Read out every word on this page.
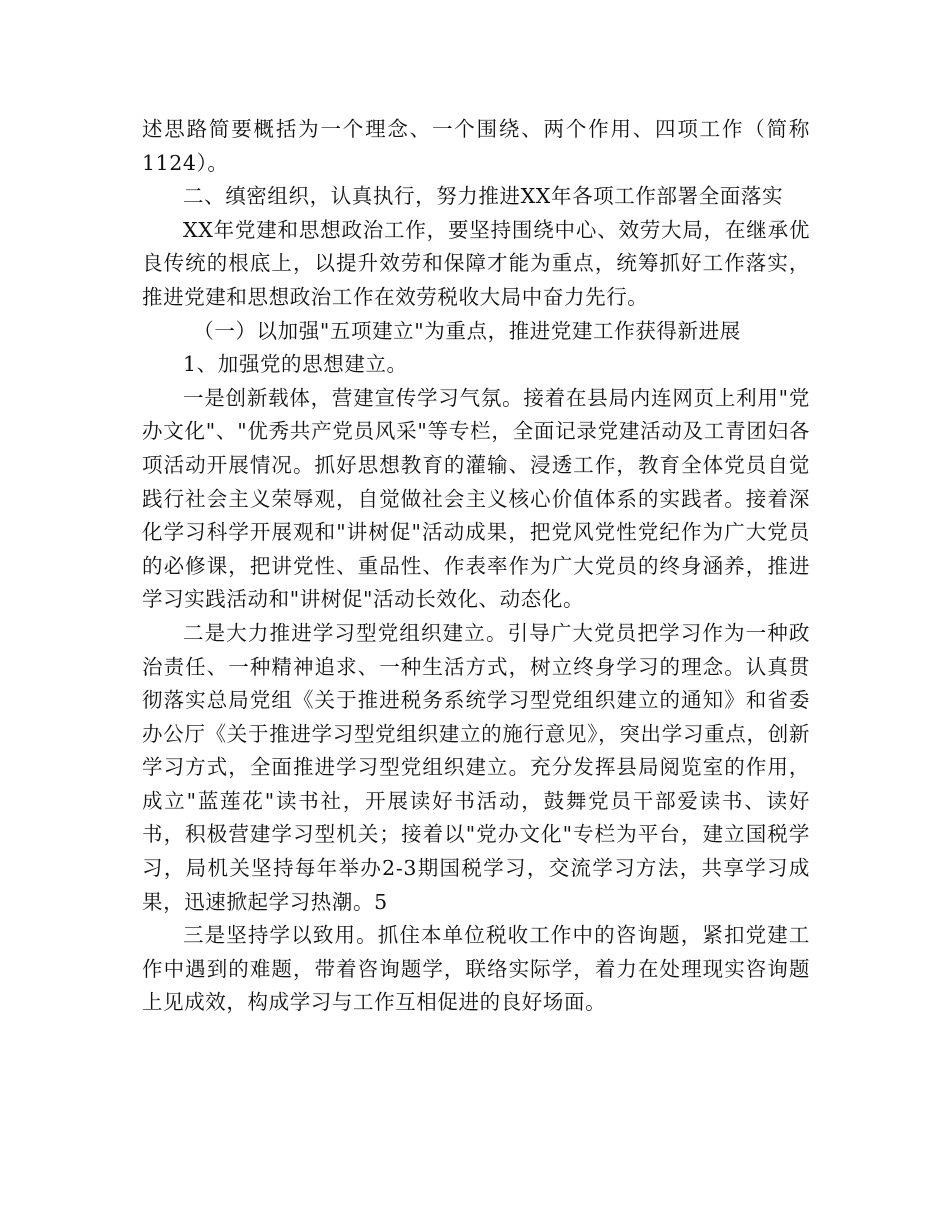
述思路简要概括为一个理念、一个围绕、两个作用、四项工作（简称1124）。

二、缜密组织，认真执行，努力推进XX年各项工作部署全面落实

XX年党建和思想政治工作，要坚持围绕中心、效劳大局，在继承优良传统的根底上，以提升效劳和保障才能为重点，统筹抓好工作落实，推进党建和思想政治工作在效劳税收大局中奋力先行。

（一）以加强"五项建立"为重点，推进党建工作获得新进展

1、加强党的思想建立。

一是创新载体，营建宣传学习气氛。接着在县局内连网页上利用"党办文化"、"优秀共产党员风采"等专栏，全面记录党建活动及工青团妇各项活动开展情况。抓好思想教育的灌输、浸透工作，教育全体党员自觉践行社会主义荣辱观，自觉做社会主义核心价值体系的实践者。接着深化学习科学开展观和"讲树促"活动成果，把党风党性党纪作为广大党员的必修课，把讲党性、重品性、作表率作为广大党员的终身涵养，推进学习实践活动和"讲树促"活动长效化、动态化。

二是大力推进学习型党组织建立。引导广大党员把学习作为一种政治责任、一种精神追求、一种生活方式，树立终身学习的理念。认真贯彻落实总局党组《关于推进税务系统学习型党组织建立的通知》和省委办公厅《关于推进学习型党组织建立的施行意见》，突出学习重点，创新学习方式，全面推进学习型党组织建立。充分发挥县局阅览室的作用，成立"蓝莲花"读书社，开展读好书活动，鼓舞党员干部爱读书、读好书，积极营建学习型机关；接着以"党办文化"专栏为平台，建立国税学习，局机关坚持每年举办2-3期国税学习，交流学习方法，共享学习成果，迅速掀起学习热潮。5

三是坚持学以致用。抓住本单位税收工作中的咨询题，紧扣党建工作中遇到的难题，带着咨询题学，联络实际学，着力在处理现实咨询题上见成效，构成学习与工作互相促进的良好场面。
